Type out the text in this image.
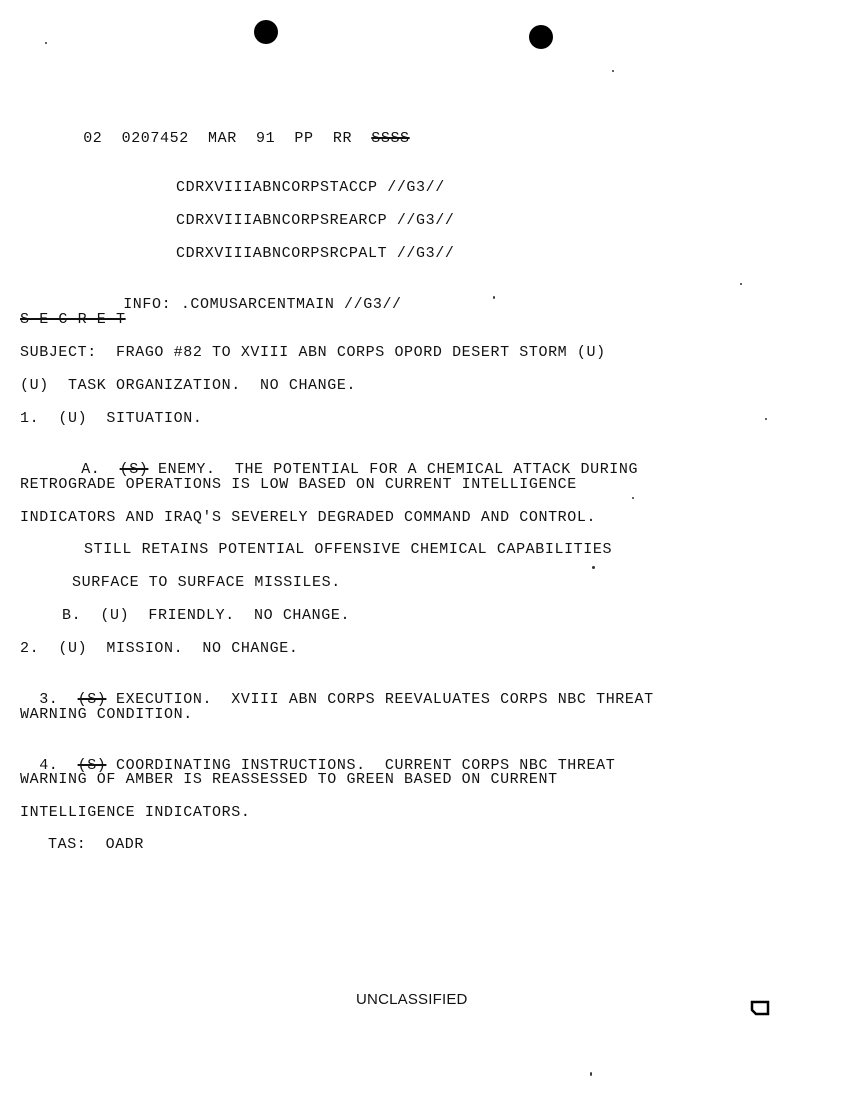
02  0207452  MAR  91  PP  RR SSSS

CDRXVIIIABNCORPSTACCP //G3//
CDRXVIIIABNCORPSREARCP //G3//
CDRXVIIIABNCORPSRCPALT //G3//

INFO: .COMUSARCENTMAIN //G3//

S-E-C-R-E-T
SUBJECT:  FRAGO #82 TO XVIII ABN CORPS OPORD DESERT STORM (U)
(U)  TASK ORGANIZATION.  NO CHANGE.
1.  (U)  SITUATION.

A. (S) ENEMY.  THE POTENTIAL FOR A CHEMICAL ATTACK DURING

RETROGRADE OPERATIONS IS LOW BASED ON CURRENT INTELLIGENCE
INDICATORS AND IRAQ'S SEVERELY DEGRADED COMMAND AND CONTROL.
STILL RETAINS POTENTIAL OFFENSIVE CHEMICAL CAPABILITIES
SURFACE TO SURFACE MISSILES.
B.  (U)  FRIENDLY.  NO CHANGE.
2.  (U)  MISSION.  NO CHANGE.

3. (S) EXECUTION.  XVIII ABN CORPS REEVALUATES CORPS NBC THREAT

WARNING CONDITION.

4. (S) COORDINATING INSTRUCTIONS.  CURRENT CORPS NBC THREAT

WARNING OF AMBER IS REASSESSED TO GREEN BASED ON CURRENT
INTELLIGENCE INDICATORS.
TAS:  OADR
UNCLASSIFIED
